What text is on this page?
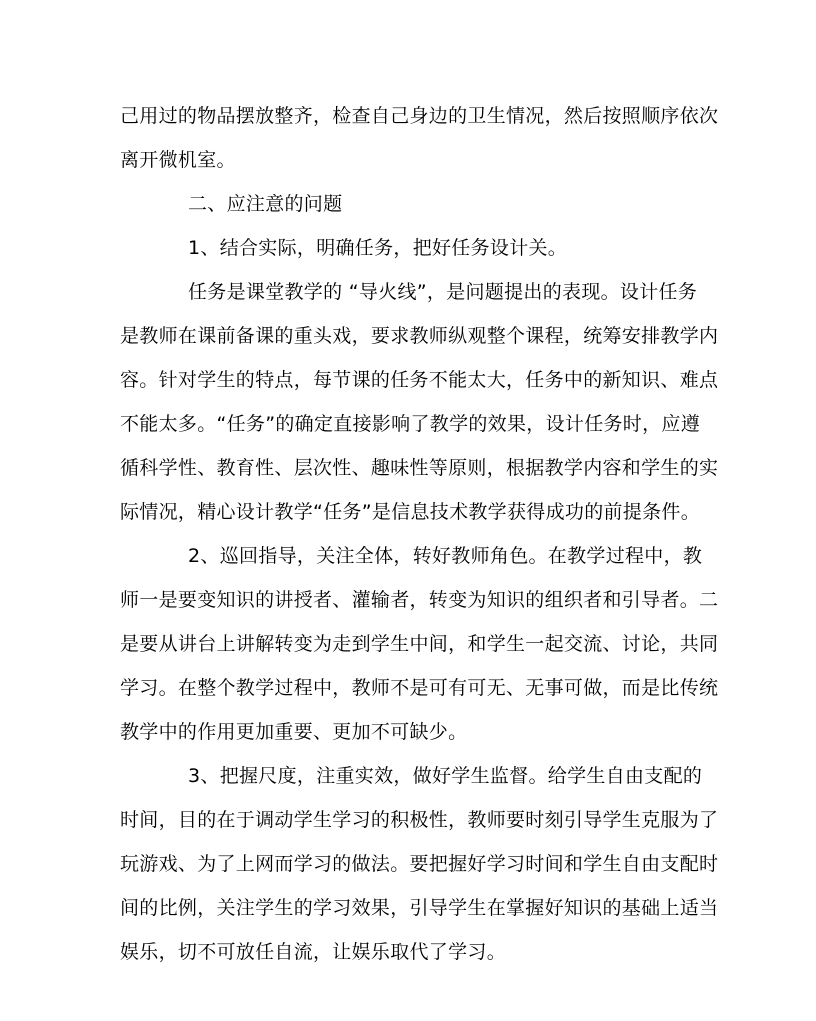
己用过的物品摆放整齐，检查自己身边的卫生情况，然后按照顺序依次
离开微机室。
二、应注意的问题
1、结合实际，明确任务，把好任务设计关。
任务是课堂教学的 “导火线”，是问题提出的表现。设计任务
是教师在课前备课的重头戏，要求教师纵观整个课程，统筹安排教学内
容。针对学生的特点，每节课的任务不能太大，任务中的新知识、难点
不能太多。“任务”的确定直接影响了教学的效果，设计任务时，应遵
循科学性、教育性、层次性、趣味性等原则，根据教学内容和学生的实
际情况，精心设计教学“任务”是信息技术教学获得成功的前提条件。
2、巡回指导，关注全体，转好教师角色。在教学过程中，教
师一是要变知识的讲授者、灌输者，转变为知识的组织者和引导者。二
是要从讲台上讲解转变为走到学生中间，和学生一起交流、讨论，共同
学习。在整个教学过程中，教师不是可有可无、无事可做，而是比传统
教学中的作用更加重要、更加不可缺少。
3、把握尺度，注重实效，做好学生监督。给学生自由支配的
时间，目的在于调动学生学习的积极性，教师要时刻引导学生克服为了
玩游戏、为了上网而学习的做法。要把握好学习时间和学生自由支配时
间的比例，关注学生的学习效果，引导学生在掌握好知识的基础上适当
娱乐，切不可放任自流，让娱乐取代了学习。
